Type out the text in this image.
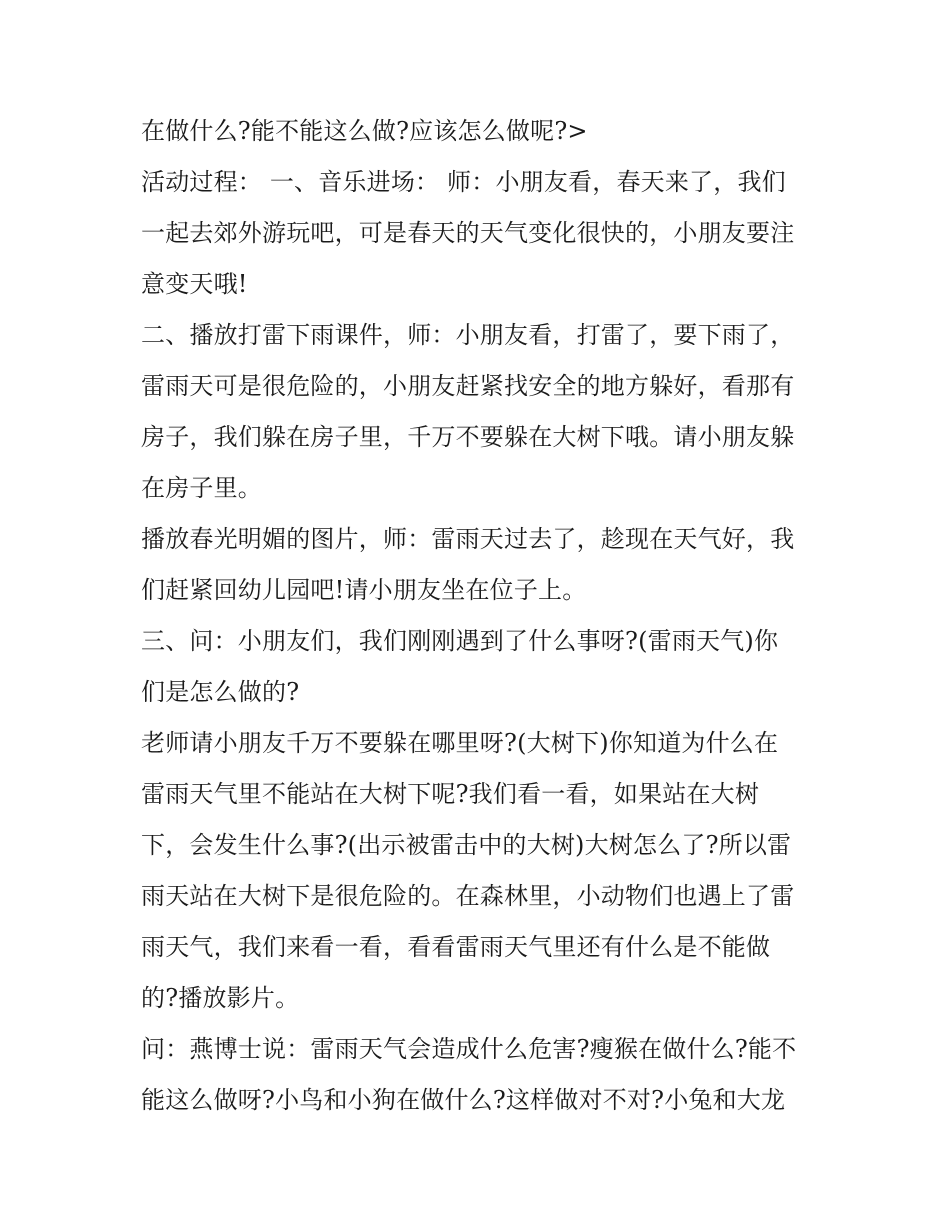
在做什么?能不能这么做?应该怎么做呢?>
活动过程： 一、音乐进场： 师：小朋友看，春天来了，我们
一起去郊外游玩吧，可是春天的天气变化很快的，小朋友要注
意变天哦!
二、播放打雷下雨课件，师：小朋友看，打雷了，要下雨了，
雷雨天可是很危险的，小朋友赶紧找安全的地方躲好，看那有
房子，我们躲在房子里，千万不要躲在大树下哦。请小朋友躲
在房子里。
播放春光明媚的图片，师：雷雨天过去了，趁现在天气好，我
们赶紧回幼儿园吧!请小朋友坐在位子上。
三、问：小朋友们，我们刚刚遇到了什么事呀?(雷雨天气)你
们是怎么做的?
老师请小朋友千万不要躲在哪里呀?(大树下)你知道为什么在
雷雨天气里不能站在大树下呢?我们看一看，如果站在大树
下，会发生什么事?(出示被雷击中的大树)大树怎么了?所以雷
雨天站在大树下是很危险的。在森林里，小动物们也遇上了雷
雨天气，我们来看一看，看看雷雨天气里还有什么是不能做
的?播放影片。
问：燕博士说：雷雨天气会造成什么危害?瘦猴在做什么?能不
能这么做呀?小鸟和小狗在做什么?这样做对不对?小兔和大龙
